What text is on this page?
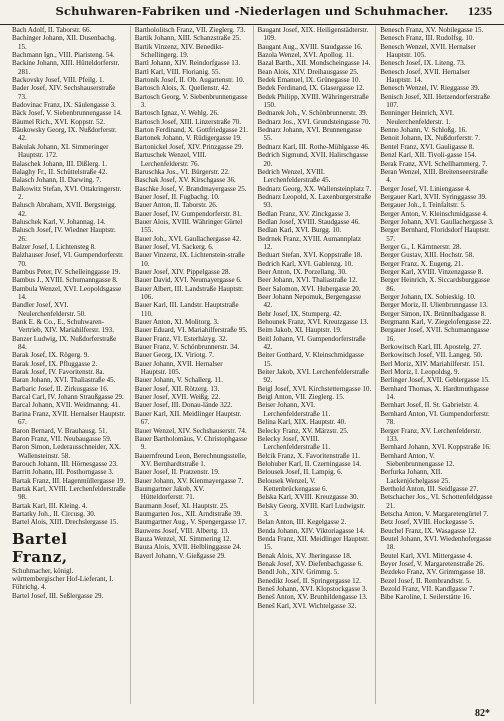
Schuhwaren-Fabriken und -Niederlagen und Schuhmacher.	1235

Bach Adolf, II. Taborstr. 66.

Bachinger Johann, XII. Dusenbachg. 15.

Bachmann Ign., VIII. Piaristeng. 54.

Backine Johann, XIII. Hütteldorferstr. 281.

Backovsky Josef, VIII. Pfeilg. 1.

Bader Josef, XIV. Sechshauserstraße 73.

Badovinac Franz, IX. Säulengasse 3.

Bäck Josef, V. Siebenbrunnengasse 14.

Bäumel Rich., XVI. Koppstr. 52.

Bäukowsky Georg, IX. Nußdorferstr. 42.

Bakulak Johann, XI. Simmeringer Hauptstr. 172.

Balaschek Johann, III. Dißlerg. 1.

Balaghy Fr., II. Schüttelstraße 42.

Balasch Johann, II. Darwing. 7.

Balkowitz Stefan, XVI. Ottakringerstr. 2.

Balusch Abraham, XVII. Bergsteigg. 42.

Baluschek Karl, V. Johannag. 14.

Balusch Josef, IV. Wiedner Hauptstr. 26.

Balzer Josef, I. Lichtensteg 8.

Balzhauser Josef, VI. Gumpendorferstr. 70.

Bambus Peter, IV. Schelleinggasse 19.

Bambus J., XVIII. Schumanngasse 8.

Bambula Wenzel, XVI. Leopoldsgasse 14.

Bandler Josef, XVI. Neulerchenfelderstr. 50.

Bank E. & Co., E., Schuhwaren-Vertrieb, XIV. Mariahilferstr. 193.

Banzer Ludwig, IX. Nußdorferstraße 84.

Barak Josef, IX. Rögerg. 9.

Barak Josef, IX. Pfluggasse 2.

Barak Josef, IV. Favoritenstr. 8a.

Baran Johann, XVI. Thaliastraße 45.

Barbaric Josef, II. Zirkusgasse 16.

Barcal Carl, IV. Johann Straußgasse 29.

Barcal Johann, XVII. Weidmanng. 41.

Barina Franz, XVII. Hernalser Hauptstr. 67.

Baron Bernard, V. Brauhausg. 51.

Baron Franz, VII. Neubaugasse 59.

Baron Simon, Lederausschneider, XX. Wallensteinstr. 58.

Barouch Johann, III. Hörnesgasse 23.

Barritt Johann, III. Posthorngasse 3.

Bartak Franz, III. Hagenmüllergasse 19.

Bartak Karl, XVIII. Lerchenfelderstraße 98.

Bartak Karl, III. Kleing. 4.

Bartatky Joh., II. Circusg. 30.

Bartel Alois, XIII. Drechslergasse 15.

Bartel Franz,

Schuhmacher, königl. württembergischer Hof-Lieferant, I. Führichg. 4.

Bartel Josef, III. Seßlergasse 29.

Barthololitsch Franz, VII. Zieglerg. 73.

Bartik Johann, XIII. Schanzstraße 25.

Bartik Vinzenz, XIV. Benedikt-Schellingerg. 19.

Bartl Johann, XIV. Reindorfgasse 13.

Bartl Karl, VIII. Florianig. 55.

Bartonik Josef, II. Ob. Augartenstr. 10.

Bartosch Alois, X. Quellenstr. 42.

Bartosch Georg, V. Siebenbrunnengasse 3.

Bartosch Ignaz, V. Wehlg. 26.

Bartosch Josef, XIII. Linzerstraße 70.

Barton Ferdinand, X. Gottfriedgasse 21.

Bartonek Johann, V. Rüdigergasse 19.

Bartonickel Josef, XIV. Prinzgasse 29.

Bartuschek Wenzel, VIII. Lerchenfelderstr. 76.

Baruschka Jos., VI. Bürgerstr. 22.

Baschak Josef, XV. Kirschgasse 36.

Baschke Josef, V. Brandmayergasse 25.

Bauer Josef, II. Fugbachg. 10.

Bauer Anton, II. Taborstr. 26.

Bauer Josef, IV. Gumpendorferstr. 81.

Bauer Alois, XVIII. Währinger Gürtel 155.

Bauer Joh., XVI. Gaullachergasse 42.

Bauer Josef, VI. Sackerg. 6.

Bauer Vinzenz, IX. Lichtenstein-straße 10.

Bauer Josef, XIV. Pippelgasse 28.

Bauer David, XVI. Neumayergasse 6.

Bauer Albert, III. Landstraße Hauptstr. 106.

Bauer Karl, III. Landstr. Hauptstraße 110.

Bauer Anton, XI. Molitorg. 3.

Bauer Eduard, VI. Mariahilferstraße 95.

Bauer Franz, VI. Esterházyg. 32.

Bauer Franz, V. Schönbrunnerstr. 34.

Bauer Georg, IX. Viriotg. 7.

Bauer Johann, XVII. Hernalser Hauptstr. 105.

Bauer Johann, V. Schallerg. 11.

Bauer Josef, XII. Rötzerg. 13.

Bauer Josef, XVII. Weißg. 22.

Bauer Josef, III. Donau-lände 322.

Bauer Karl, XII. Meidlinger Hauptstr. 67.

Bauer Wenzel, XIV. Sechshauserstr. 74.

Bauer Bartholomäus, V. Christophgasse 9.

Bauernfreund Leon, Berechnungsstelle, XV. Bernhardtstraße 1.

Bauer Josef, II. Pratzenstr. 19.

Bauer Johann, XV. Kienmayergasse 7.

Baumgartner Jakob, XV. Hütteldorferstr. 71.

Baumann Josef, XI. Hauptstr. 25.

Baumgarten Jos., XII. Arndtstraße 39.

Baumgartner Aug., V. Spengergasse 17.

Bauwens Josef, VIII. Albertg. 13.

Bauza Wenzel, XI. Simmering 12.

Bauza Alois, XVII. Helblinggasse 24.

Baverl Johann, V. Gießgasse 29.

Baugant Josef, XIX. Heiligenstädterstr. 109.

Baugant Aug., XVIII. Staudgasse 16.

Bazola Wenzel, XVI. Apollog. 11.

Bazal Barth., XII. Mondscheingasse 14.

Bean Alois, XIV. Dreihausgasse 25.

Bedek Emanuel, IX. Grünegasse 10.

Bedek Ferdinand, IX. Glasergasse 12.

Bedek Philipp, XVIII. Währingerstraße 150.

Bednarek Joh., V. Schönbrunnerstr. 39.

Bednarz Jos., XVI. Grundsteingasse 70.

Bednarz Johann, XVI. Brunnengasse 55.

Bednarz Karl, III. Rothe-Mühlgasse 46.

Bedrich Sigmund, XVII. Halirschgasse 20.

Bedrich Wenzel, XVIII. Lerchenfelderstraße 45.

Bednarz Georg, XX. Wallensteinplatz 7.

Bednarz Leopold, X. Laxenburgerstraße 93.

Bedlan Franz, XV. Zinckgasse 3.

Bedlan Josef, XVIII. Staudgasse 46.

Bedlan Karl, XVI. Burgg. 10.

Bedrnek Franz, XVIII. Aumannplatz 12.

Beduart Stefan, XVI. Koppstraße 18.

Bedrich Karl, XVI. Gablenzg. 10.

Beer Anton, IX. Porzellang. 30.

Beer Johann, XVI. Thaliastraße 12.

Beer Salomon, XVI. Hubergasse 20.

Beer Johann Nepomuk, Bergengasse 42.

Behr Josef, IX. Stumperg. 42.

Behounek Franz, XVI. Kreutzgasse 13.

Beim Jakob, XI. Hauptstr. 19.

Beitl Johann, VI. Gumpendorferstraße 42.

Beiter Gotthard, V. Kleinschmidgasse 15.

Beiter Jakob, XVI. Lerchenfelderstraße 92.

Beigl Josef, XVI. Kirchstetterngasse 10.

Beigl Anton, VII. Zieglerg. 15.

Beiser Johann, XVI. Lerchenfelderstraße 11.

Belina Karl, XIX. Hauptstr. 40.

Belecky Franz, XV. Märzstr. 25.

Belecky Josef, XVIII. Lerchenfelderstraße 11.

Belcik Franz, X. Favoritenstraße 11.

Belohuber Karl, II. Czerningasse 14.

Belousek Josef, II. Lampig. 6.

Belousek Wenzel, V. Kettenbrückengasse 6.

Belska Karl, XVIII. Kreuzgasse 30.

Belsky Georg, XVIII. Karl Ludwigstr. 3.

Belan Anton, III. Kegelgasse 2.

Benda Johann, XIV. Viktoriagasse 14.

Benda Franz, XII. Meidlinger Hauptstr. 15.

Benak Alois, XV. Jheringasse 18.

Benak Josef, XV. Diefenbachgasse 6.

Bendl Joh., XIV. Grimmg. 5.

Benedikt Josef, II. Springergasse 12.

Beneš Johann, XVI. Klopstockgasse 3.

Beneš Anton, XV. Brunhildengasse 13.

Beneš Karl, XVI. Wichtelgasse 32.

Benesch Franz, XV. Nobilegasse 15.

Benesch Franz, III. Rudolfsg. 10.

Benesch Wenzel, XVII. Hernalser Hauptstr. 105.

Benesch Josef, IX. Liteng. 73.

Benesch Josef, XVII. Hernalser Hauptstr. 14.

Benesch Wenzel, IV. Rieggasse 39.

Benisch Josef, XII. Hetzendorferstraße 107.

Benninger Heinrich, XVI. Neulerchenfelderstr. 1.

Benno Johann, V. Schloßg. 16.

Benoit Johann, IX. Nußdorferstr. 7.

Bentel Franz, XVI. Gauligasse 8.

Benzl Karl, XII. Tivoli-gasse 154.

Berak Franz, XVI. Schellhammerg. 7.

Beran Wenzel, XIII. Breitenseerstraße 4.

Berger Josef, VI. Liniengasse 4.

Bergauer Karl, XVII. Syringgasse 39.

Bergauer Joh., I. Teinfaltstr. 5.

Berger Anton, V. Kleinschmidgasse 4.

Berger Johann, XVI. Gaullachergasse 3.

Berger Bernhard, Floridsdorf Hauptstr. 57.

Berger G., I. Kärntnerstr. 28.

Berger Gustav, XIII. Hochstr. 58.

Berger Franz, X. Eugeng. 21.

Berger Karl, XVIII. Vinzenzgasse 8.

Berger Heinrich, X. Siccardsburggasse 86.

Berger Johann, IX. Sobieskig. 10.

Berger Moriz, II. Ulienbrunngasse 13.

Berger Simon, IX. Brünnlbadgasse 8.

Bergmann Karl, V. Ziegelofengasse 22.

Bergauer Josef, XVII. Schumanngasse 16.

Berkowitsch Karl, III. Apostelg. 27.

Berkowitsch Josef, VII. Langeg. 50.

Berl Moriz, XIV. Mariahilferstr. 151.

Berl Moriz, I. Leopoldsg. 9.

Berlinger Josef, XVII. Geblergasse 15.

Bernhard Thomas, X. Hardtmuthgasse 14.

Bernhart Josef, II. St. Gabrielstr. 4.

Bernhard Anton, VI. Gumpendorferstr. 78.

Berger Franz, XV. Lerchenfelderstr. 133.

Bernhard Johann, XVI. Koppstraße 16.

Bernhard Anton, V. Siebenbrunnengasse 12.

Berfurka Johann, XII. Lackenjöchelgasse 25.

Berthold Anton, III. Seidlgasse 27.

Betschacher Jos., VI. Schottenfeldgasse 21.

Betscha Anton, V. Margaretengürtel 7.

Betz Josef, XVIII. Hockegasse 5.

Beuchel Franz, IX. Wasagasse 12.

Beutel Johann, XVI. Wiedenhofergasse 18.

Beutel Karl, XVI. Mittergasse 4.

Beyer Josef, V. Margaretenstraße 26.

Bezdeko Franz, XV. Grimmgasse 18.

Bezel Josef, II. Rembrandtstr. 5.

Bezold Franz, VII. Kandlgasse 7.

Bibe Karoline, I. Seilerstätte 16.

82*
